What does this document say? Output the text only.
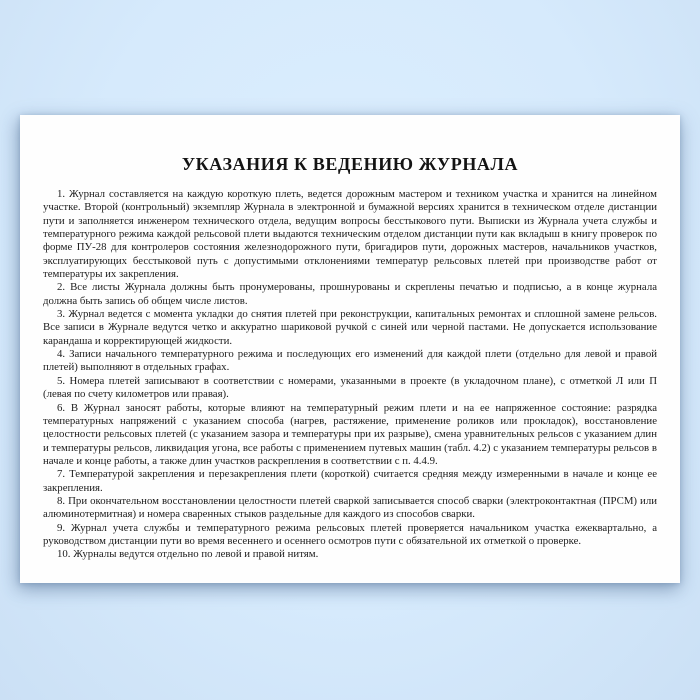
УКАЗАНИЯ К ВЕДЕНИЮ ЖУРНАЛА

1. Журнал составляется на каждую короткую плеть, ведется дорожным мастером и техником участка и хранится на линейном участке. Второй (контрольный) экземпляр Журнала в электронной и бумажной версиях хранится в техническом отделе дистанции пути и заполняется инженером технического отдела, ведущим вопросы бесстыкового пути. Выписки из Журнала учета службы и температурного режима каждой рельсовой плети выдаются техническим отделом дистанции пути как вкладыш в книгу проверок по форме ПУ-28 для контролеров состояния железнодорожного пути, бригадиров пути, дорожных мастеров, начальников участков, эксплуатирующих бесстыковой путь с допустимыми отклонениями температур рельсовых плетей при производстве работ от температуры их закрепления.

2. Все листы Журнала должны быть пронумерованы, прошнурованы и скреплены печатью и подписью, а в конце журнала должна быть запись об общем числе листов.

3. Журнал ведется с момента укладки до снятия плетей при реконструкции, капитальных ремонтах и сплошной замене рельсов. Все записи в Журнале ведутся четко и аккуратно шариковой ручкой с синей или черной пастами. Не допускается использование карандаша и корректирующей жидкости.

4. Записи начального температурного режима и последующих его изменений для каждой плети (отдельно для левой и правой плетей) выполняют в отдельных графах.

5. Номера плетей записывают в соответствии с номерами, указанными в проекте (в укладочном плане), с отметкой Л или П (левая по счету километров или правая).

6. В Журнал заносят работы, которые влияют на температурный режим плети и на ее напряженное состояние: разрядка температурных напряжений с указанием способа (нагрев, растяжение, применение роликов или прокладок), восстановление целостности рельсовых плетей (с указанием зазора и температуры при их разрыве), смена уравнительных рельсов с указанием длин и температуры рельсов, ликвидация угона, все работы с применением путевых машин (табл. 4.2) с указанием температуры рельсов в начале и конце работы, а также длин участков раскрепления в соответствии с п. 4.4.9.

7. Температурой закрепления и перезакрепления плети (короткой) считается средняя между измеренными в начале и конце ее закрепления.

8. При окончательном восстановлении целостности плетей сваркой записывается способ сварки (электроконтактная (ПРСМ) или алюминотермитная) и номера сваренных стыков раздельные для каждого из способов сварки.

9. Журнал учета службы и температурного режима рельсовых плетей проверяется начальником участка ежеквартально, а руководством дистанции пути во время весеннего и осеннего осмотров пути с обязательной их отметкой о проверке.

10. Журналы ведутся отдельно по левой и правой нитям.
